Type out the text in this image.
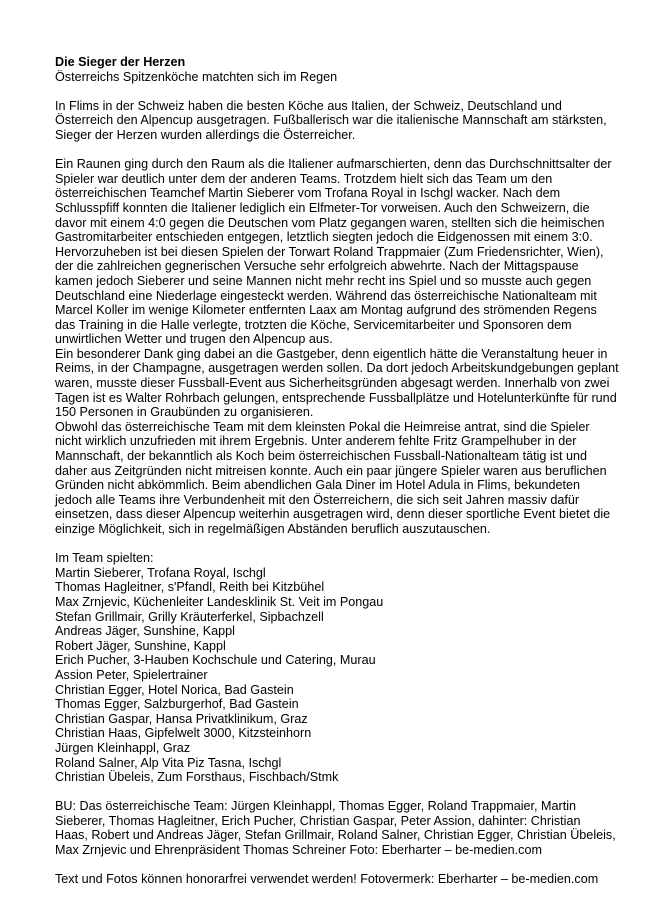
Die Sieger der Herzen
Österreichs Spitzenköche matchten sich im Regen
In Flims in der Schweiz haben die besten Köche aus Italien, der Schweiz, Deutschland und
Österreich den Alpencup ausgetragen. Fußballerisch war die italienische Mannschaft am stärksten,
Sieger der Herzen wurden allerdings die Österreicher.
Ein Raunen ging durch den Raum als die Italiener aufmarschierten, denn das Durchschnittsalter der
Spieler war deutlich unter dem der anderen Teams. Trotzdem hielt sich das Team um den
österreichischen Teamchef Martin Sieberer vom Trofana Royal in Ischgl wacker. Nach dem
Schlusspfiff konnten die Italiener lediglich ein Elfmeter-Tor vorweisen. Auch den Schweizern, die
davor mit einem 4:0 gegen die Deutschen vom Platz gegangen waren, stellten sich die heimischen
Gastromitarbeiter entschieden entgegen, letztlich siegten jedoch die Eidgenossen mit einem 3:0.
Hervorzuheben ist bei diesen Spielen der Torwart Roland Trappmaier (Zum Friedensrichter, Wien),
der die zahlreichen gegnerischen Versuche sehr erfolgreich abwehrte. Nach der Mittagspause
kamen jedoch Sieberer und seine Mannen nicht mehr recht ins Spiel und so musste auch gegen
Deutschland eine Niederlage eingesteckt werden. Während das österreichische Nationalteam mit
Marcel Koller im wenige Kilometer entfernten Laax am Montag aufgrund des strömenden Regens
das Training in die Halle verlegte, trotzten die Köche, Servicemitarbeiter und Sponsoren dem
unwirtlichen Wetter und trugen den Alpencup aus.
Ein besonderer Dank ging dabei an die Gastgeber, denn eigentlich hätte die Veranstaltung heuer in
Reims, in der Champagne, ausgetragen werden sollen. Da dort jedoch Arbeitskundgebungen geplant
waren, musste dieser Fussball-Event aus Sicherheitsgründen abgesagt werden. Innerhalb von zwei
Tagen ist es Walter Rohrbach gelungen, entsprechende Fussballplätze und Hotelunterkünfte für rund
150 Personen in Graubünden zu organisieren.
Obwohl das österreichische Team mit dem kleinsten Pokal die Heimreise antrat, sind die Spieler
nicht wirklich unzufrieden mit ihrem Ergebnis. Unter anderem fehlte Fritz Grampelhuber in der
Mannschaft, der bekanntlich als Koch beim österreichischen Fussball-Nationalteam tätig ist und
daher aus Zeitgründen nicht mitreisen konnte. Auch ein paar jüngere Spieler waren aus beruflichen
Gründen nicht abkömmlich. Beim abendlichen Gala Diner im Hotel Adula in Flims, bekundeten
jedoch alle Teams ihre Verbundenheit mit den Österreichern, die sich seit Jahren massiv dafür
einsetzen, dass dieser Alpencup weiterhin ausgetragen wird, denn dieser sportliche Event bietet die
einzige Möglichkeit, sich in regelmäßigen Abständen beruflich auszutauschen.
Im Team spielten:
Martin Sieberer, Trofana Royal, Ischgl
Thomas Hagleitner, s'Pfandl, Reith bei Kitzbühel
Max Zrnjevic, Küchenleiter Landesklinik St. Veit im Pongau
Stefan Grillmair, Grilly Kräuterferkel, Sipbachzell
Andreas Jäger, Sunshine, Kappl
Robert Jäger, Sunshine, Kappl
Erich Pucher, 3-Hauben Kochschule und Catering, Murau
Assion Peter, Spielertrainer
Christian Egger, Hotel Norica, Bad Gastein
Thomas Egger, Salzburgerhof, Bad Gastein
Christian Gaspar, Hansa Privatklinikum, Graz
Christian Haas, Gipfelwelt 3000, Kitzsteinhorn
Jürgen Kleinhappl, Graz
Roland Salner, Alp Vita Piz Tasna, Ischgl
Christian Übeleis, Zum Forsthaus, Fischbach/Stmk
BU: Das österreichische Team: Jürgen Kleinhappl, Thomas Egger, Roland Trappmaier, Martin
Sieberer, Thomas Hagleitner, Erich Pucher, Christian Gaspar, Peter Assion, dahinter: Christian
Haas, Robert und Andreas Jäger, Stefan Grillmair, Roland Salner, Christian Egger, Christian Übeleis,
Max Zrnjevic und Ehrenpräsident Thomas Schreiner Foto: Eberharter – be-medien.com
Text und Fotos können honorarfrei verwendet werden! Fotovermerk: Eberharter – be-medien.com
